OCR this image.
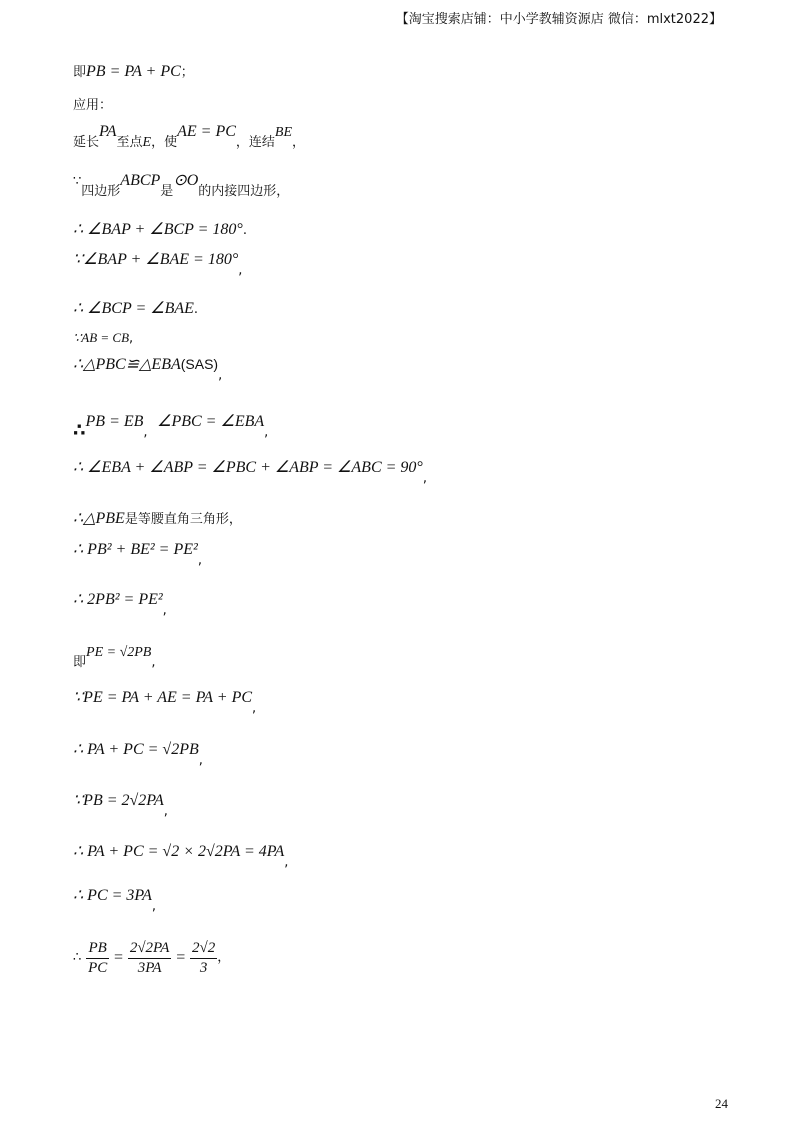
【淘宝搜索店铺：中小学教辅资源店 微信：mlxt2022】
即PB = PA + PC；
应用：
延长PA至点E，使AE = PC，连结BE，
∵四边形ABCP是⊙O的内接四边形，
∴ ∠BAP + ∠BCP = 180°.
∵∠BAP + ∠BAE = 180°,
∴ ∠BCP = ∠BAE.
∵AB = CB,
∴△PBC≌△EBA(SAS),
∴PB = EB,  ∠PBC = ∠EBA,
∴ ∠EBA + ∠ABP = ∠PBC + ∠ABP = ∠ABC = 90°,
∴△PBE是等腰直角三角形，
∴ PB² + BE² = PE²,
∴ 2PB² = PE²,
即PE = √2PB,
∵PE = PA + AE = PA + PC,
∴ PA + PC = √2PB,
∵PB = 2√2PA,
∴ PA + PC = √2 × 2√2PA = 4PA,
∴ PC = 3PA,
∴ $\frac{PB}{PC} = \frac{2√2PA}{3PA} = \frac{2√2}{3}$ ，
24
